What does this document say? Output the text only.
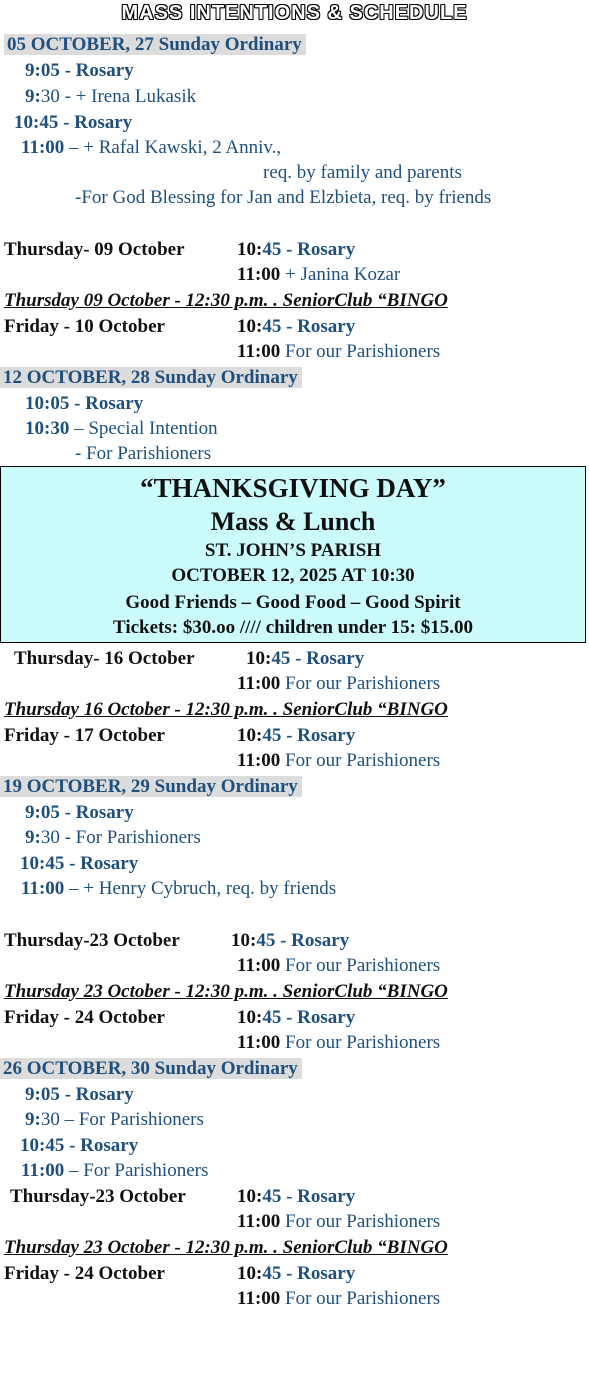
MASS INTENTIONS & SCHEDULE
05 OCTOBER, 27 Sunday Ordinary
9:05 - Rosary
9:30 - + Irena Lukasik
10:45 - Rosary
11:00 – + Rafal Kawski, 2 Anniv.,
req. by family and parents
-For God Blessing for Jan and Elzbieta, req. by friends
Thursday- 09 October	10:45 - Rosary
11:00 + Janina Kozar
Thursday 09 October - 12:30 p.m. . SeniorClub “BINGO
Friday - 10 October	10:45 - Rosary
11:00 For our Parishioners
12 OCTOBER, 28 Sunday Ordinary
10:05 - Rosary
10:30 – Special Intention
- For Parishioners
“THANKSGIVING DAY”
Mass & Lunch
ST. JOHN’S PARISH
OCTOBER 12, 2025 AT 10:30
Good Friends – Good Food – Good Spirit
Tickets: $30.oo //// children under 15: $15.00
Thursday- 16 October	10:45 - Rosary
11:00 For our Parishioners
Thursday 16 October - 12:30 p.m. . SeniorClub “BINGO
Friday - 17 October	10:45 - Rosary
11:00 For our Parishioners
19 OCTOBER, 29 Sunday Ordinary
9:05 - Rosary
9:30 - For Parishioners
10:45 - Rosary
11:00 – + Henry Cybruch, req. by friends
Thursday-23 October	10:45 - Rosary
11:00 For our Parishioners
Thursday 23 October - 12:30 p.m. . SeniorClub “BINGO
Friday - 24 October	10:45 - Rosary
11:00 For our Parishioners
26 OCTOBER, 30 Sunday Ordinary
9:05 - Rosary
9:30 – For Parishioners
10:45 - Rosary
11:00 – For Parishioners
Thursday-23 October	10:45 - Rosary
11:00 For our Parishioners
Thursday 23 October - 12:30 p.m. . SeniorClub “BINGO
Friday - 24 October	10:45 - Rosary
11:00 For our Parishioners
